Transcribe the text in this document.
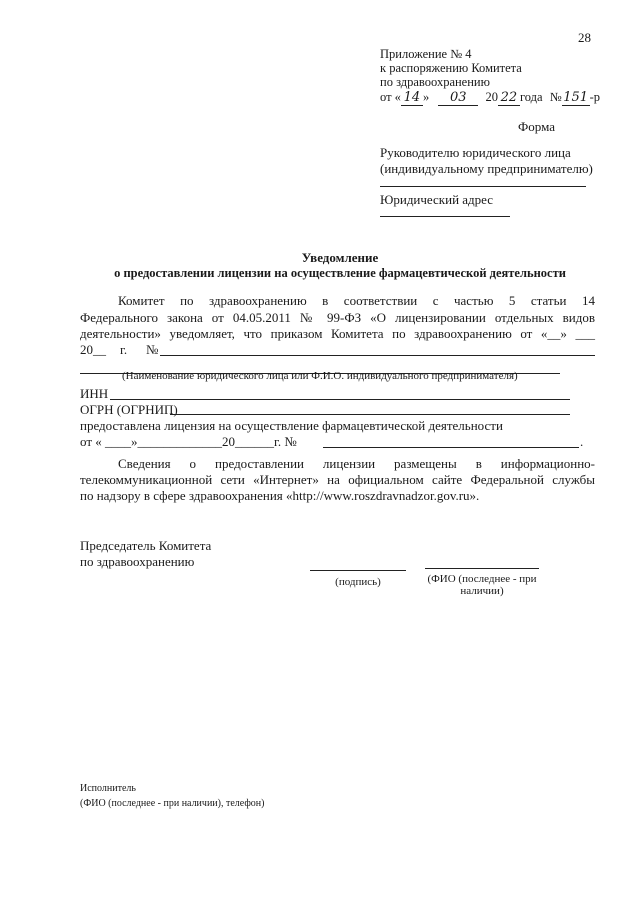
28
Приложение № 4
к распоряжению Комитета
по здравоохранению
от « 14 » 03 20 22 года № 151 -р
Форма
Руководителю юридического лица
(индивидуальному предпринимателю)
Юридический адрес
Уведомление
о предоставлении лицензии на осуществление фармацевтической деятельности
Комитет по здравоохранению в соответствии с частью 5 статьи 14
Федерального закона от 04.05.2011 № 99-ФЗ «О лицензировании отдельных видов
деятельности» уведомляет, что приказом Комитета по здравоохранению от «__» ___
20__ г. №
(Наименование юридического лица или Ф.И.О. индивидуального предпринимателя)
ИНН
ОГРН (ОГРНИП)
предоставлена лицензия на осуществление фармацевтической деятельности
от « ____»_____________20______г. №	.
Сведения о предоставлении лицензии размещены в информационно-
телекоммуникационной сети «Интернет» на официальном сайте Федеральной службы
по надзору в сфере здравоохранения «http://www.roszdravnadzor.gov.ru».
Председатель Комитета
по здравоохранению
(подпись)	(ФИО (последнее - при
наличии)
Исполнитель
(ФИО (последнее - при наличии), телефон)
